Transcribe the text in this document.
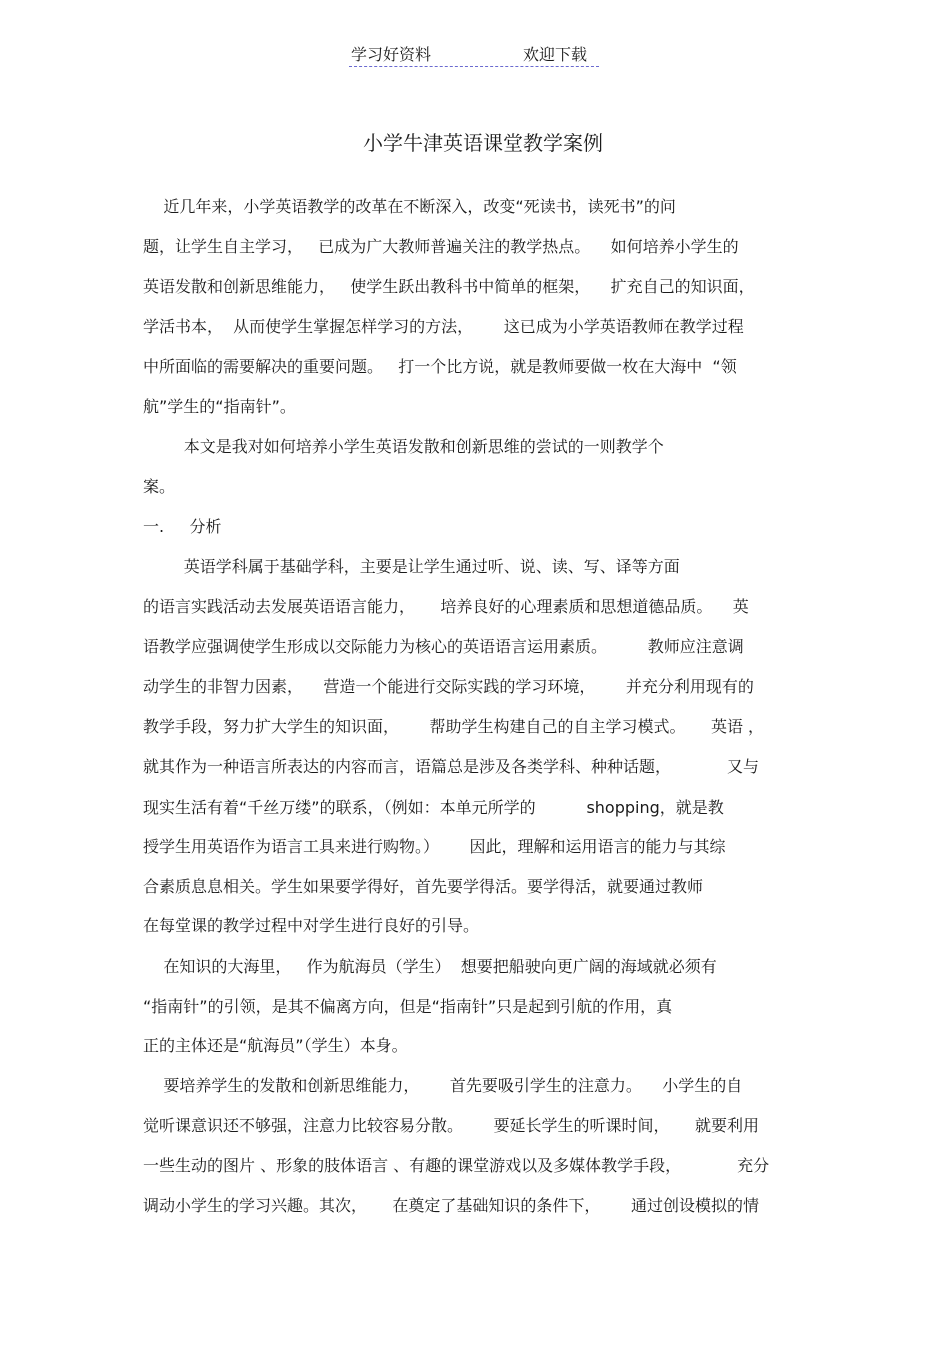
学习好资料	欢迎下载
小学牛津英语课堂教学案例
近几年来，小学英语教学的改革在不断深入，改变“死读书，读死书”的问
题，让学生自主学习，   已成为广大教师普遍关注的教学热点。    如何培养小学生的
英语发散和创新思维能力，   使学生跃出教科书中简单的框架，    扩充自己的知识面，
学活书本，  从而使学生掌握怎样学习的方法，      这已成为小学英语教师在教学过程
中所面临的需要解决的重要问题。   打一个比方说，就是教师要做一枚在大海中  “领
航”学生的“指南针”。
本文是我对如何培养小学生英语发散和创新思维的尝试的一则教学个
案。
一.     分析
英语学科属于基础学科，主要是让学生通过听、说、读、写、译等方面
的语言实践活动去发展英语语言能力，     培养良好的心理素质和思想道德品质。    英
语教学应强调使学生形成以交际能力为核心的英语语言运用素质。        教师应注意调
动学生的非智力因素，    营造一个能进行交际实践的学习环境，      并充分利用现有的
教学手段，努力扩大学生的知识面，      帮助学生构建自己的自主学习模式。     英语 ，
就其作为一种语言所表达的内容而言，语篇总是涉及各类学科、种种话题，           又与
现实生活有着“千丝万缕”的联系，（例如：本单元所学的          shopping，就是教
授学生用英语作为语言工具来进行购物。）      因此，理解和运用语言的能力与其综
合素质息息相关。学生如果要学得好，首先要学得活。要学得活，就要通过教师
在每堂课的教学过程中对学生进行良好的引导。
在知识的大海里，   作为航海员（学生）  想要把船驶向更广阔的海域就必须有
“指南针”的引领，是其不偏离方向，但是“指南针”只是起到引航的作用，真
正的主体还是“航海员”（学生）本身。
要培养学生的发散和创新思维能力，      首先要吸引学生的注意力。    小学生的自
觉听课意识还不够强，注意力比较容易分散。      要延长学生的听课时间，     就要利用
一些生动的图片 、形象的肢体语言 、有趣的课堂游戏以及多媒体教学手段，           充分
调动小学生的学习兴趣。其次，     在奠定了基础知识的条件下，      通过创设模拟的情
